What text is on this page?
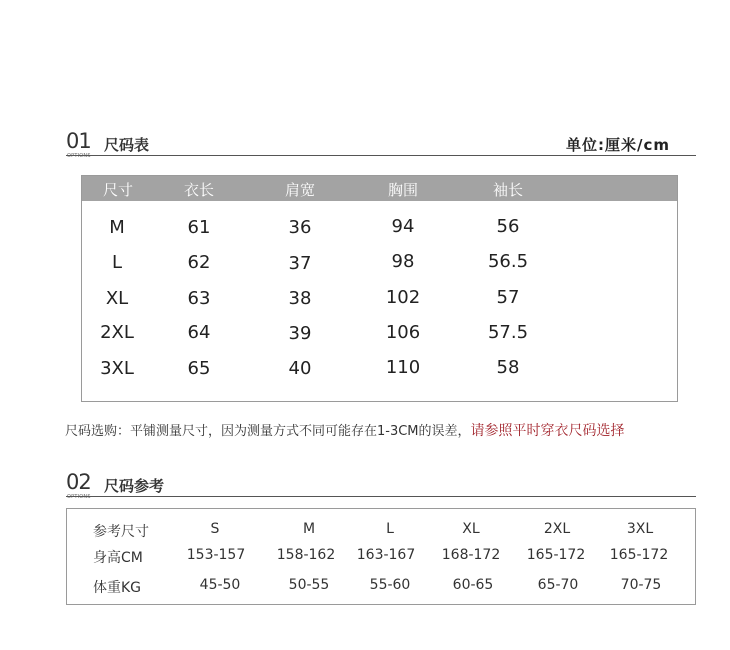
01
OPTIONS
尺码表	单位:厘米/cm
尺寸	衣长	肩宽	胸围	袖长
M	61	36	94	56
L	62	37	98	56.5
XL	63	38	102	57
2XL	64	39	106	57.5
3XL	65	40	110	58
尺码选购：平铺测量尺寸，因为测量方式不同可能存在1-3CM的误差，请参照平时穿衣尺码选择
02
OPTIONS
尺码参考
参考尺寸	S	M	L	XL	2XL	3XL
身高CM	153-157 158-162 163-167 168-172 165-172 165-172
体重KG	45-50	50-55	55-60	60-65	65-70	70-75
